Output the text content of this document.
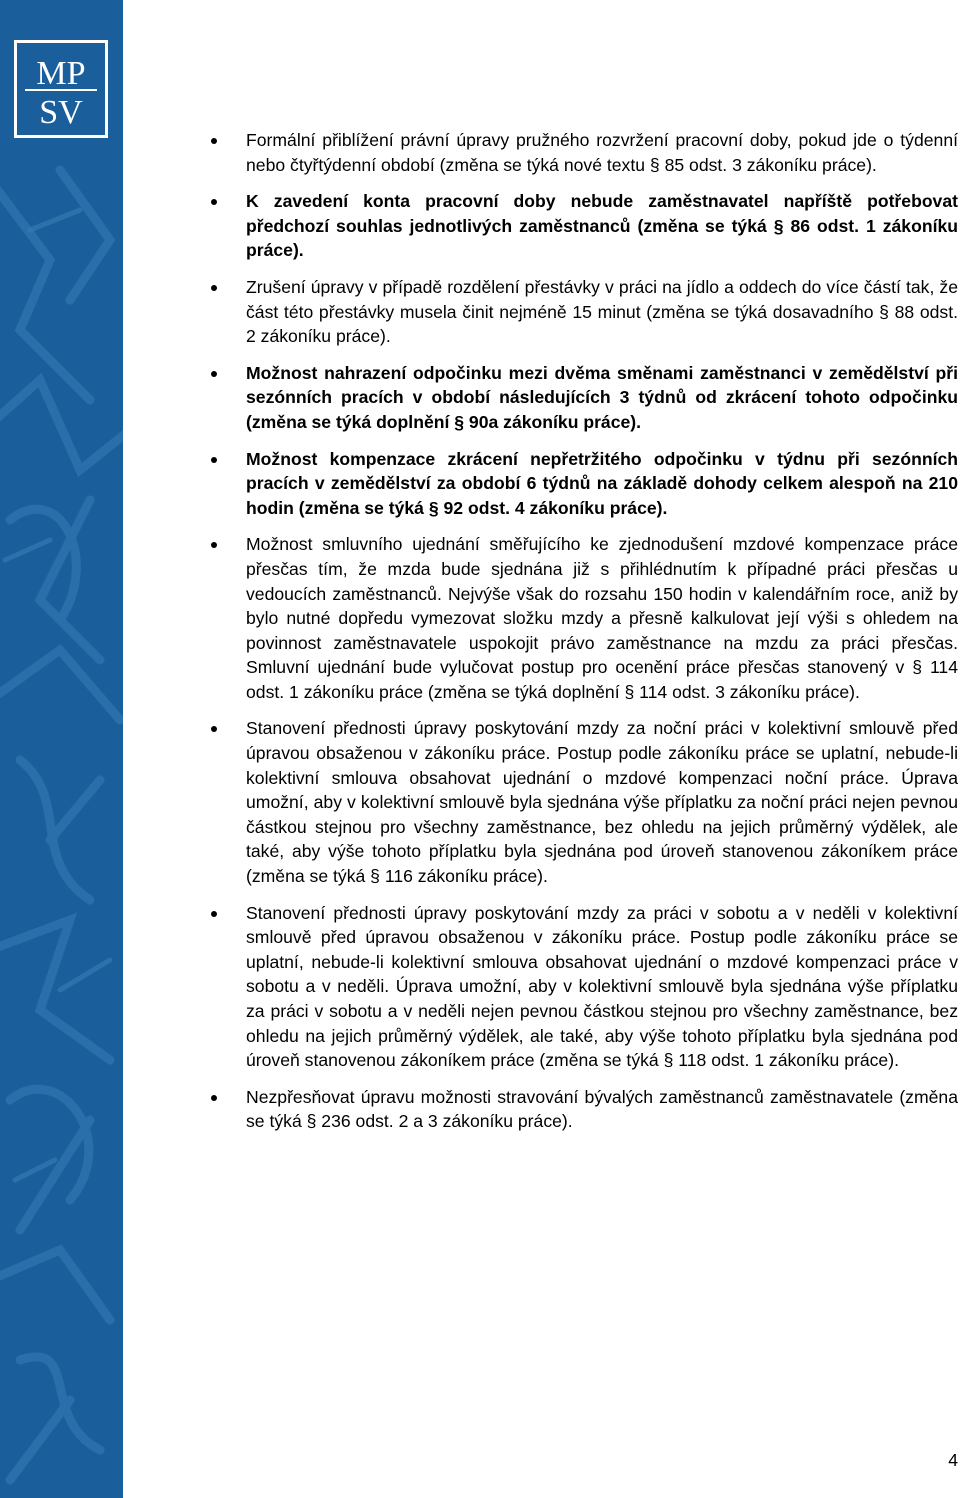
MP
SV
Formální přiblížení právní úpravy pružného rozvržení pracovní doby, pokud jde o týdenní nebo čtyřtýdenní období (změna se týká nové textu § 85 odst. 3 zákoníku práce).
K zavedení konta pracovní doby nebude zaměstnavatel napříště potřebovat předchozí souhlas jednotlivých zaměstnanců (změna se týká § 86 odst. 1 zákoníku práce).
Zrušení úpravy v případě rozdělení přestávky v práci na jídlo a oddech do více částí tak, že část této přestávky musela činit nejméně 15 minut (změna se týká dosavadního § 88 odst. 2 zákoníku práce).
Možnost nahrazení odpočinku mezi dvěma směnami zaměstnanci v zemědělství při sezónních pracích v období následujících 3 týdnů od zkrácení tohoto odpočinku (změna se týká doplnění § 90a zákoníku práce).
Možnost kompenzace zkrácení nepřetržitého odpočinku v týdnu při sezónních pracích v zemědělství za období 6 týdnů na základě dohody celkem alespoň na 210 hodin (změna se týká § 92 odst. 4 zákoníku práce).
Možnost smluvního ujednání směřujícího ke zjednodušení mzdové kompenzace práce přesčas tím, že mzda bude sjednána již s přihlédnutím k případné práci přesčas u vedoucích zaměstnanců. Nejvýše však do rozsahu 150 hodin v kalendářním roce, aniž by bylo nutné dopředu vymezovat složku mzdy a přesně kalkulovat její výši s ohledem na povinnost zaměstnavatele uspokojit právo zaměstnance na mzdu za práci přesčas. Smluvní ujednání bude vylučovat postup pro ocenění práce přesčas stanovený v § 114 odst. 1 zákoníku práce (změna se týká doplnění § 114 odst. 3 zákoníku práce).
Stanovení přednosti úpravy poskytování mzdy za noční práci v kolektivní smlouvě před úpravou obsaženou v zákoníku práce. Postup podle zákoníku práce se uplatní, nebude-li kolektivní smlouva obsahovat ujednání o mzdové kompenzaci noční práce. Úprava umožní, aby v kolektivní smlouvě byla sjednána výše příplatku za noční práci nejen pevnou částkou stejnou pro všechny zaměstnance, bez ohledu na jejich průměrný výdělek, ale také, aby výše tohoto příplatku byla sjednána pod úroveň stanovenou zákoníkem práce (změna se týká § 116 zákoníku práce).
Stanovení přednosti úpravy poskytování mzdy za práci v sobotu a v neděli v kolektivní smlouvě před úpravou obsaženou v zákoníku práce. Postup podle zákoníku práce se uplatní, nebude-li kolektivní smlouva obsahovat ujednání o mzdové kompenzaci práce v sobotu a v neděli. Úprava umožní, aby v kolektivní smlouvě byla sjednána výše příplatku za práci v sobotu a v neděli nejen pevnou částkou stejnou pro všechny zaměstnance, bez ohledu na jejich průměrný výdělek, ale také, aby výše tohoto příplatku byla sjednána pod úroveň stanovenou zákoníkem práce (změna se týká § 118 odst. 1 zákoníku práce).
Nezpřesňovat úpravu možnosti stravování bývalých zaměstnanců zaměstnavatele (změna se týká § 236 odst. 2 a 3 zákoníku práce).
4
